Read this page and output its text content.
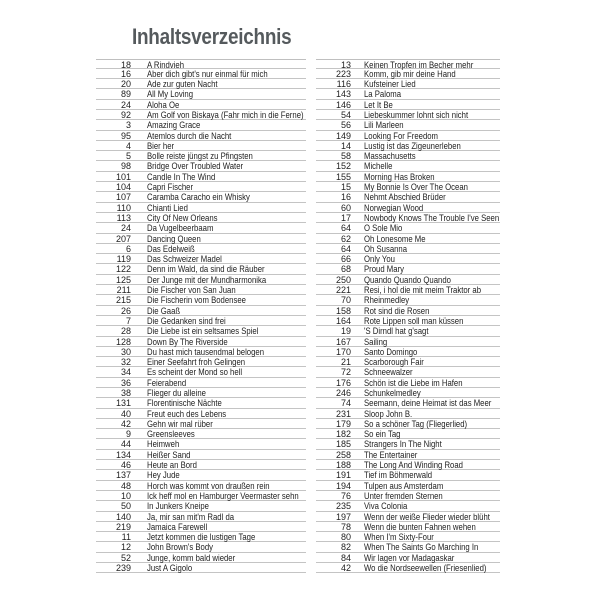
Inhaltsverzeichnis
18 A Rindvieh
16 Aber dich gibt's nur einmal für mich
20 Ade zur guten Nacht
89 All My Loving
24 Aloha Oe
92 Am Golf von Biskaya (Fahr mich in die Ferne)
3 Amazing Grace
95 Atemlos durch die Nacht
4 Bier her
5 Bolle reiste jüngst zu Pfingsten
98 Bridge Over Troubled Water
101 Candle In The Wind
104 Capri Fischer
107 Caramba Caracho ein Whisky
110 Chianti Lied
113 City Of New Orleans
24 Da Vugelbeerbaam
207 Dancing Queen
6 Das Edelweiß
119 Das Schweizer Madel
122 Denn im Wald, da sind die Räuber
125 Der Junge mit der Mundharmonika
211 Die Fischer von San Juan
215 Die Fischerin vom Bodensee
26 Die Gaaß
7 Die Gedanken sind frei
28 Die Liebe ist ein seltsames Spiel
128 Down By The Riverside
30 Du hast mich tausendmal belogen
32 Einer Seefahrt froh Gelingen
34 Es scheint der Mond so hell
36 Feierabend
38 Flieger du alleine
131 Florentinische Nächte
40 Freut euch des Lebens
42 Gehn wir mal rüber
9 Greensleeves
44 Heimweh
134 Heißer Sand
46 Heute an Bord
137 Hey Jude
48 Horch was kommt von draußen rein
10 Ick heff mol en Hamburger Veermaster sehn
50 In Junkers Kneipe
140 Ja, mir san mit'm Radl da
219 Jamaica Farewell
11 Jetzt kommen die lustigen Tage
12 John Brown's Body
52 Junge, komm bald wieder
239 Just A Gigolo
13 Keinen Tropfen im Becher mehr
223 Komm, gib mir deine Hand
116 Kufsteiner Lied
143 La Paloma
146 Let It Be
54 Liebeskummer lohnt sich nicht
56 Lili Marleen
149 Looking For Freedom
14 Lustig ist das Zigeunerleben
58 Massachusetts
152 Michelle
155 Morning Has Broken
15 My Bonnie Is Over The Ocean
16 Nehmt Abschied Brüder
60 Norwegian Wood
17 Nowbody Knows The Trouble I've Seen
64 O Sole Mio
62 Oh Lonesome Me
64 Oh Susanna
66 Only You
68 Proud Mary
250 Quando Quando Quando
221 Resi, i hol die mit meim Traktor ab
70 Rheinmedley
158 Rot sind die Rosen
164 Rote Lippen soll man küssen
19 'S Dirndl hat g'sagt
167 Sailing
170 Santo Domingo
21 Scarborough Fair
72 Schneewalzer
176 Schön ist die Liebe im Hafen
246 Schunkelmedley
74 Seemann, deine Heimat ist das Meer
231 Sloop John B.
179 So a schöner Tag (Fliegerlied)
182 So ein Tag
185 Strangers In The Night
258 The Entertainer
188 The Long And Winding Road
191 Tief im Böhmerwald
194 Tulpen aus Amsterdam
76 Unter fremden Sternen
235 Viva Colonia
197 Wenn der weiße Flieder wieder blüht
78 Wenn die bunten Fahnen wehen
80 When I'm Sixty-Four
82 When The Saints Go Marching In
84 Wir lagen vor Madagaskar
42 Wo die Nordseewellen (Friesenlied)
